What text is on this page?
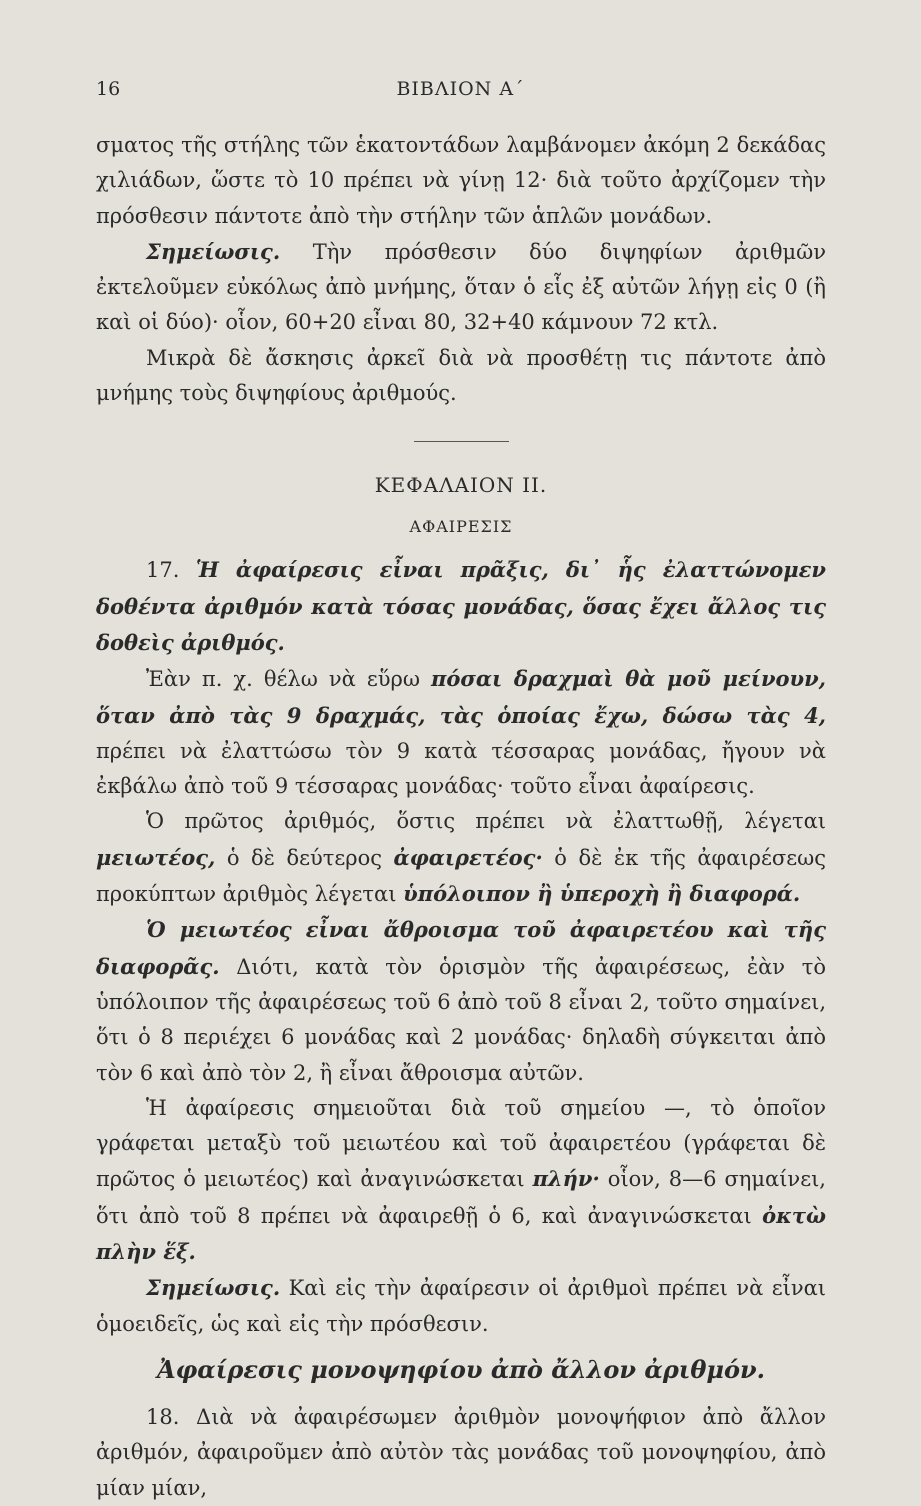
16	ΒΙΒΛΙΟΝ Α΄

σματος τῆς στήλης τῶν ἑκατοντάδων λαμβάνομεν ἀκόμη 2 δεκάδας χιλιάδων, ὥστε τὸ 10 πρέπει νὰ γίνῃ 12· διὰ τοῦτο ἀρχίζομεν τὴν πρόσθεσιν πάντοτε ἀπὸ τὴν στήλην τῶν ἁπλῶν μονάδων.

Σημείωσις. Τὴν πρόσθεσιν δύο διψηφίων ἀριθμῶν ἐκτελοῦμεν εὐκόλως ἀπὸ μνήμης, ὅταν ὁ εἷς ἐξ αὐτῶν λήγῃ εἰς 0 (ἢ καὶ οἱ δύο)· οἷον, 60+20 εἶναι 80, 32+40 κάμνουν 72 κτλ.

Μικρὰ δὲ ἄσκησις ἀρκεῖ διὰ νὰ προσθέτῃ τις πάντοτε ἀπὸ μνήμης τοὺς διψηφίους ἀριθμούς.

ΚΕΦΑΛΑΙΟΝ ΙΙ.
ΑΦΑΙΡΕΣΙΣ

17. Ἡ ἀφαίρεσις εἶναι πρᾶξις, δι᾽ ἧς ἐλαττώνομεν δοθέντα ἀριθμόν κατὰ τόσας μονάδας, ὅσας ἔχει ἄλλος τις δοθεὶς ἀριθμός.

Ἐὰν π. χ. θέλω νὰ εὕρω πόσαι δραχμαὶ θὰ μοῦ μείνουν, ὅταν ἀπὸ τὰς 9 δραχμάς, τὰς ὁποίας ἔχω, δώσω τὰς 4, πρέπει νὰ ἐλαττώσω τὸν 9 κατὰ τέσσαρας μονάδας, ἤγουν νὰ ἐκβάλω ἀπὸ τοῦ 9 τέσσαρας μονάδας· τοῦτο εἶναι ἀφαίρεσις.

Ὁ πρῶτος ἀριθμός, ὅστις πρέπει νὰ ἐλαττωθῇ, λέγεται μειωτέος, ὁ δὲ δεύτερος ἀφαιρετέος· ὁ δὲ ἐκ τῆς ἀφαιρέσεως προκύπτων ἀριθμὸς λέγεται ὑπόλοιπον ἢ ὑπεροχὴ ἢ διαφορά.

Ὁ μειωτέος εἶναι ἄθροισμα τοῦ ἀφαιρετέου καὶ τῆς διαφορᾶς. Διότι, κατὰ τὸν ὁρισμὸν τῆς ἀφαιρέσεως, ἐὰν τὸ ὑπόλοιπον τῆς ἀφαιρέσεως τοῦ 6 ἀπὸ τοῦ 8 εἶναι 2, τοῦτο σημαίνει, ὅτι ὁ 8 περιέχει 6 μονάδας καὶ 2 μονάδας· δηλαδὴ σύγκειται ἀπὸ τὸν 6 καὶ ἀπὸ τὸν 2, ἢ εἶναι ἄθροισμα αὐτῶν.

Ἡ ἀφαίρεσις σημειοῦται διὰ τοῦ σημείου —, τὸ ὁποῖον γράφεται μεταξὺ τοῦ μειωτέου καὶ τοῦ ἀφαιρετέου (γράφεται δὲ πρῶτος ὁ μειωτέος) καὶ ἀναγινώσκεται πλήν· οἷον, 8—6 σημαίνει, ὅτι ἀπὸ τοῦ 8 πρέπει νὰ ἀφαιρεθῇ ὁ 6, καὶ ἀναγινώσκεται ὀκτὼ πλὴν ἕξ.

Σημείωσις. Καὶ εἰς τὴν ἀφαίρεσιν οἱ ἀριθμοὶ πρέπει νὰ εἶναι ὁμοειδεῖς, ὡς καὶ εἰς τὴν πρόσθεσιν.

Ἀφαίρεσις μονοψηφίου ἀπὸ ἄλλον ἀριθμόν.

18. Διὰ νὰ ἀφαιρέσωμεν ἀριθμὸν μονοψήφιον ἀπὸ ἄλλον ἀριθμόν, ἀφαιροῦμεν ἀπὸ αὐτὸν τὰς μονάδας τοῦ μονοψηφίου, ἀπὸ μίαν μίαν,
